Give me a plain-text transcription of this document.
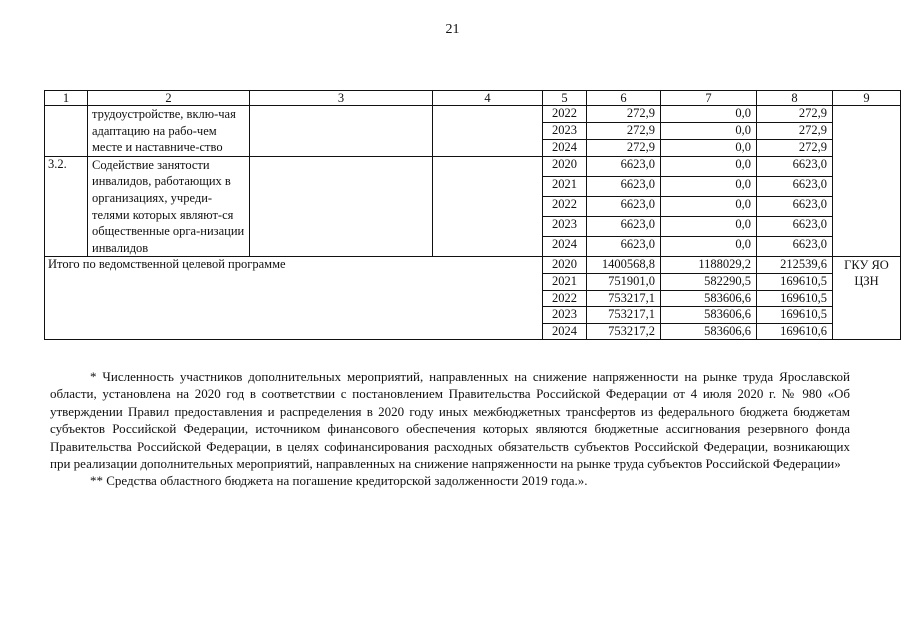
21
1	2	3	4	5	6	7	8	9
	трудоустройстве, вклю-чая адаптацию на рабо-чем месте и наставниче-ство			2022	272,9	0,0	272,9	
				2023	272,9	0,0	272,9	
				2024	272,9	0,0	272,9	
3.2.	Содействие занятости инвалидов, работающих в организациях, учреди-телями которых являют-ся общественные орга-низации инвалидов			2020	6623,0	0,0	6623,0	
				2021	6623,0	0,0	6623,0	
				2022	6623,0	0,0	6623,0	
				2023	6623,0	0,0	6623,0	
				2024	6623,0	0,0	6623,0	
Итого по ведомственной целевой программе				2020	1400568,8	1188029,2	212539,6	ГКУ ЯО ЦЗН
				2021	751901,0	582290,5	169610,5	
				2022	753217,1	583606,6	169610,5	
				2023	753217,1	583606,6	169610,5	
				2024	753217,2	583606,6	169610,6	

* Численность участников дополнительных мероприятий, направленных на снижение напряженности на рынке труда Ярославской области, установлена на 2020 год в соответствии с постановлением Правительства Российской Федерации от 4 июля 2020 г. № 980 «Об утверждении Правил предоставления и распределения в 2020 году иных межбюджетных трансфертов из федерального бюджета бюджетам субъектов Российской Федерации, источником финансового обеспечения которых являются бюджетные ассигнования резервного фонда Правительства Российской Федерации, в целях софинансирования расходных обязательств субъектов Российской Федерации, возникающих при реализации дополнительных мероприятий, направленных на снижение напряженности на рынке труда субъектов Российской Федерации»

** Средства областного бюджета на погашение кредиторской задолженности 2019 года.».
